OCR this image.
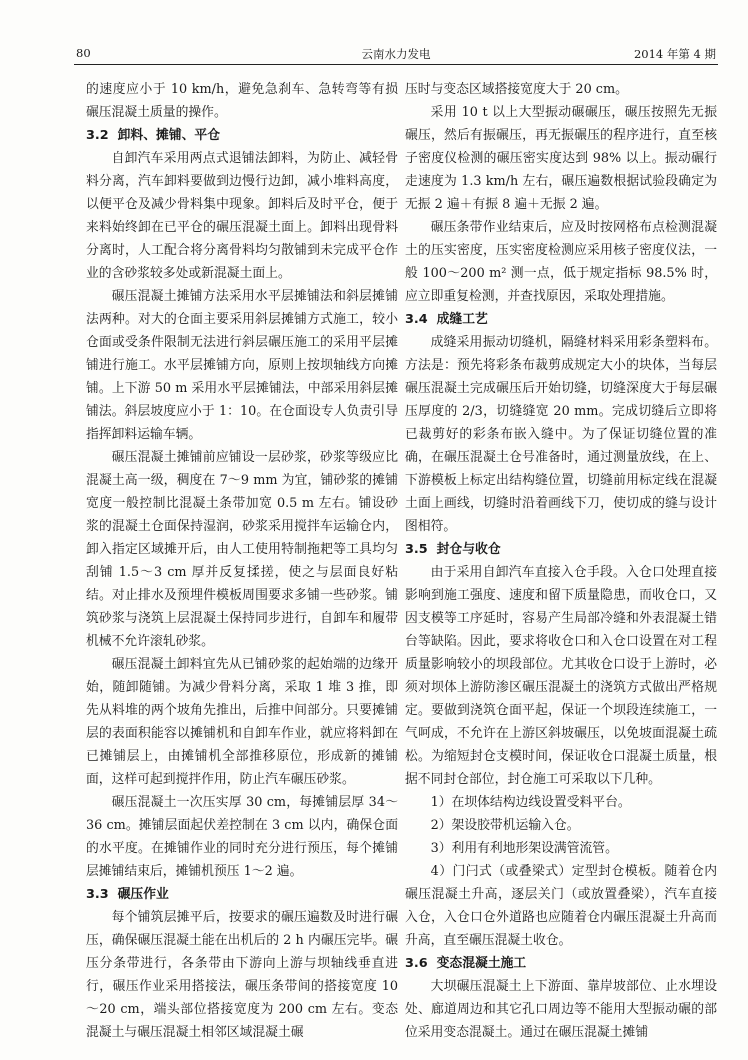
80	云南水力发电	2014 年第 4 期

的速度应小于 10 km/h，避免急刹车、急转弯等有损碾压混凝土质量的操作。

3.2 卸料、摊铺、平仓

自卸汽车采用两点式退铺法卸料，为防止、减轻骨料分离，汽车卸料要做到边慢行边卸，减小堆料高度，以便平仓及减少骨料集中现象。卸料后及时平仓，便于来料始终卸在已平仓的碾压混凝土面上。卸料出现骨料分离时，人工配合将分离骨料均匀散铺到未完成平仓作业的含砂浆较多处或新混凝土面上。

碾压混凝土摊铺方法采用水平层摊铺法和斜层摊铺法两种。对大的仓面主要采用斜层摊铺方式施工，较小仓面或受条件限制无法进行斜层碾压施工的采用平层摊铺进行施工。水平层摊铺方向，原则上按坝轴线方向摊铺。上下游 50 m 采用水平层摊铺法，中部采用斜层摊铺法。斜层坡度应小于 1：10。在仓面设专人负责引导指挥卸料运输车辆。

碾压混凝土摊铺前应铺设一层砂浆，砂浆等级应比混凝土高一级，稠度在 7～9 mm 为宜，铺砂浆的摊铺宽度一般控制比混凝土条带加宽 0.5 m 左右。铺设砂浆的混凝土仓面保持湿润，砂浆采用搅拌车运输仓内，卸入指定区域摊开后，由人工使用特制拖耙等工具均匀刮铺 1.5～3 cm 厚并反复揉搓，使之与层面良好粘结。对止排水及预埋件模板周围要求多铺一些砂浆。铺筑砂浆与浇筑上层混凝土保持同步进行，自卸车和履带机械不允许滚轧砂浆。

碾压混凝土卸料宜先从已铺砂浆的起始端的边缘开始，随卸随铺。为减少骨料分离，采取 1 堆 3 推，即先从料堆的两个坡角先推出，后推中间部分。只要摊铺层的表面积能容以摊铺机和自卸车作业，就应将料卸在已摊铺层上，由摊铺机全部推移原位，形成新的摊铺面，这样可起到搅拌作用，防止汽车碾压砂浆。

碾压混凝土一次压实厚 30 cm，每摊铺层厚 34～36 cm。摊铺层面起伏差控制在 3 cm 以内，确保仓面的水平度。在摊铺作业的同时充分进行预压，每个摊铺层摊铺结束后，摊铺机预压 1～2 遍。

3.3 碾压作业

每个铺筑层摊平后，按要求的碾压遍数及时进行碾压，确保碾压混凝土能在出机后的 2 h 内碾压完毕。碾压分条带进行，各条带由下游向上游与坝轴线垂直进行，碾压作业采用搭接法，碾压条带间的搭接宽度 10～20 cm，端头部位搭接宽度为 200 cm 左右。变态混凝土与碾压混凝土相邻区域混凝土碾

压时与变态区域搭接宽度大于 20 cm。

采用 10 t 以上大型振动碾碾压，碾压按照先无振碾压，然后有振碾压，再无振碾压的程序进行，直至核子密度仪检测的碾压密实度达到 98% 以上。振动碾行走速度为 1.3 km/h 左右，碾压遍数根据试验段确定为无振 2 遍＋有振 8 遍＋无振 2 遍。

碾压条带作业结束后，应及时按网格布点检测混凝土的压实密度，压实密度检测应采用核子密度仪法，一般 100～200 m² 测一点，低于规定指标 98.5% 时，应立即重复检测，并查找原因，采取处理措施。

3.4 成缝工艺

成缝采用振动切缝机，隔缝材料采用彩条塑料布。方法是：预先将彩条布裁剪成规定大小的块体，当每层碾压混凝土完成碾压后开始切缝，切缝深度大于每层碾压厚度的 2/3，切缝缝宽 20 mm。完成切缝后立即将已裁剪好的彩条布嵌入缝中。为了保证切缝位置的准确，在碾压混凝土仓号准备时，通过测量放线，在上、下游模板上标定出结构缝位置，切缝前用标定线在混凝土面上画线，切缝时沿着画线下刀，使切成的缝与设计图相符。

3.5 封仓与收仓

由于采用自卸汽车直接入仓手段。入仓口处理直接影响到施工强度、速度和留下质量隐患，而收仓口，又因支模等工序延时，容易产生局部冷缝和外表混凝土错台等缺陷。因此，要求将收仓口和入仓口设置在对工程质量影响较小的坝段部位。尤其收仓口设于上游时，必须对坝体上游防渗区碾压混凝土的浇筑方式做出严格规定。要做到浇筑仓面平起，保证一个坝段连续施工，一气呵成，不允许在上游区斜坡碾压，以免坡面混凝土疏松。为缩短封仓支模时间，保证收仓口混凝土质量，根据不同封仓部位，封仓施工可采取以下几种。

1）在坝体结构边线设置受料平台。

2）架设胶带机运输入仓。

3）利用有利地形架设满管流管。

4）门闩式（或叠梁式）定型封仓模板。随着仓内碾压混凝土升高，逐层关门（或放置叠梁），汽车直接入仓，入仓口仓外道路也应随着仓内碾压混凝土升高而升高，直至碾压混凝土收仓。

3.6 变态混凝土施工

大坝碾压混凝土上下游面、靠岸坡部位、止水埋设处、廊道周边和其它孔口周边等不能用大型振动碾的部位采用变态混凝土。通过在碾压混凝土摊铺
